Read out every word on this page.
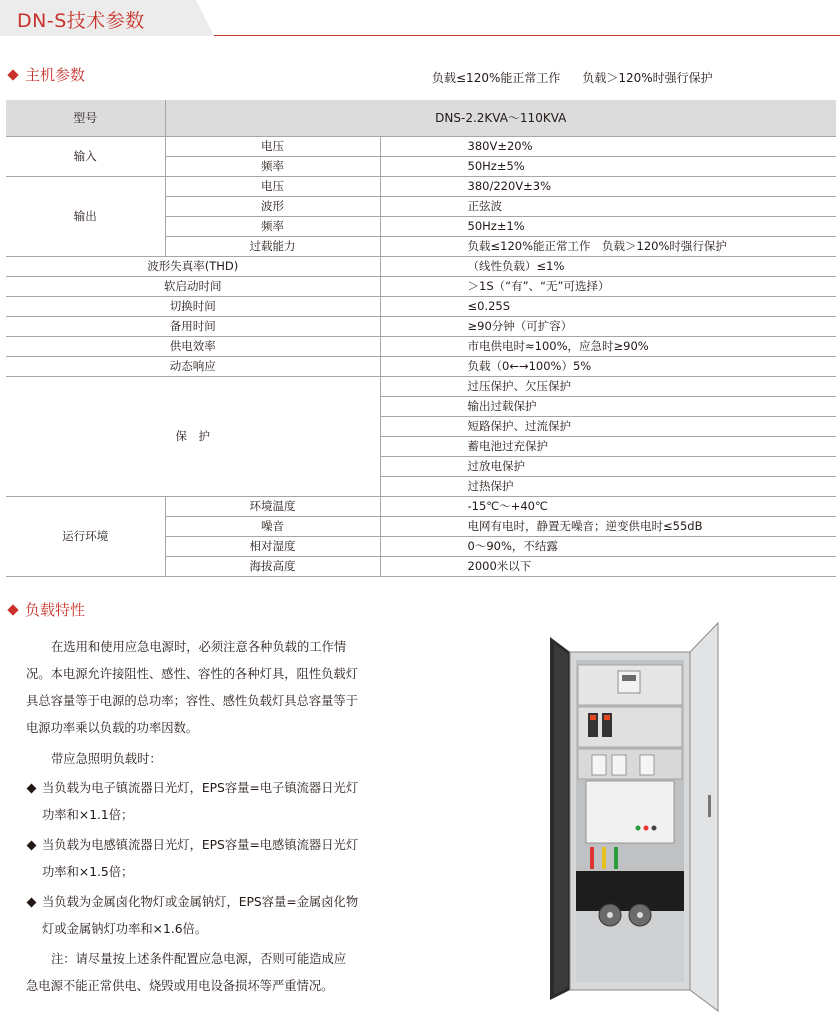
DN-S技术参数
主机参数	负载≤120%能正常工作 负载＞120%时强行保护
型号	DNS-2.2KVA～110KVA	
输入	电压	380V±20%
	频率	50Hz±5%
输出	电压	380/220V±3%
	波形	正弦波
	频率	50Hz±1%
	过载能力	负载≤120%能正常工作　负载＞120%时强行保护
波形失真率(THD)		（线性负载）≤1%
软启动时间		＞1S（“有”、“无”可选择）
切换时间		≤0.25S
备用时间		≥90分钟（可扩容）
供电效率		市电供电时≈100%，应急时≥90%
动态响应		负载（0←→100%）5%
保　护		过压保护、欠压保护
		输出过载保护
		短路保护、过流保护
		蓄电池过充保护
		过放电保护
		过热保护
运行环境	环境温度	-15℃～+40℃
	噪音	电网有电时，静置无噪音；逆变供电时≤55dB
	相对湿度	0～90%，不结露
	海拔高度	2000米以下
负载特性
在选用和使用应急电源时，必须注意各种负载的工作情
况。本电源允许接阻性、感性、容性的各种灯具，阻性负载灯
具总容量等于电源的总功率；容性、感性负载灯具总容量等于
电源功率乘以负载的功率因数。
带应急照明负载时：
当负载为电子镇流器日光灯，EPS容量=电子镇流器日光灯
功率和×1.1倍；
当负载为电感镇流器日光灯，EPS容量=电感镇流器日光灯
功率和×1.5倍；
当负载为金属卤化物灯或金属钠灯，EPS容量=金属卤化物
灯或金属钠灯功率和×1.6倍。
注：请尽量按上述条件配置应急电源，否则可能造成应
急电源不能正常供电、烧毁或用电设备损坏等严重情况。
